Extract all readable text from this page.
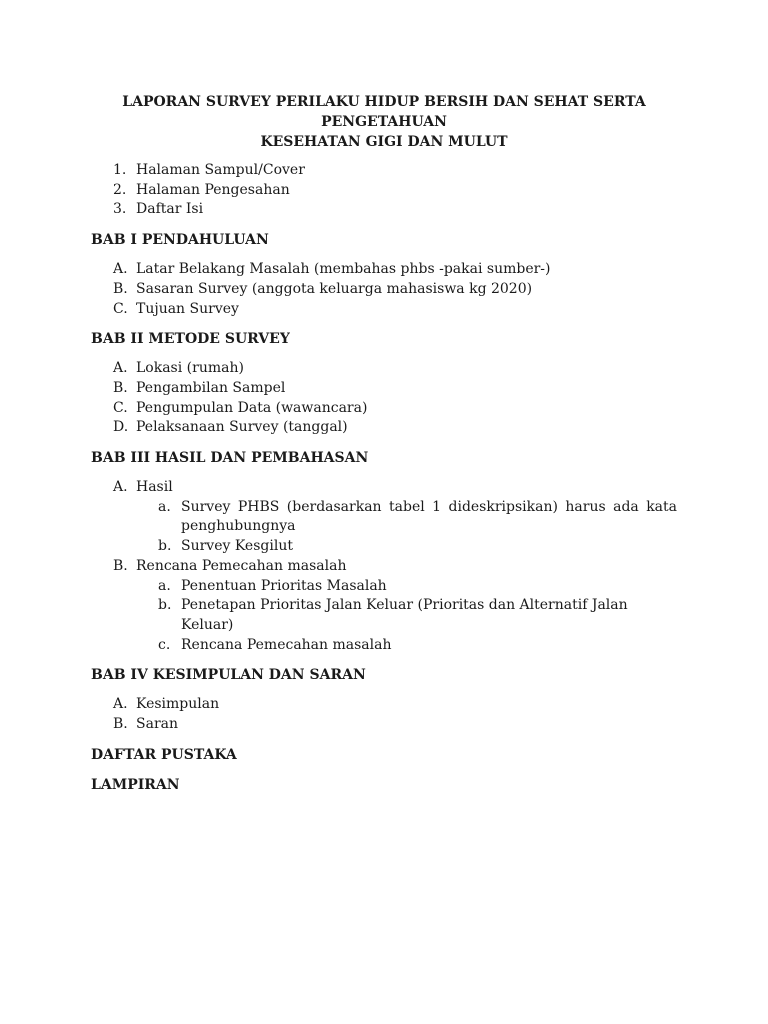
LAPORAN SURVEY PERILAKU HIDUP BERSIH DAN SEHAT SERTA PENGETAHUAN
KESEHATAN GIGI DAN MULUT
1. Halaman Sampul/Cover
2. Halaman Pengesahan
3. Daftar Isi
BAB I PENDAHULUAN
A. Latar Belakang Masalah (membahas phbs -pakai sumber-)
B. Sasaran Survey (anggota keluarga mahasiswa kg 2020)
C. Tujuan Survey
BAB II METODE SURVEY
A. Lokasi (rumah)
B. Pengambilan Sampel
C. Pengumpulan Data (wawancara)
D. Pelaksanaan Survey (tanggal)
BAB III HASIL DAN PEMBAHASAN
A. Hasil
a. Survey PHBS (berdasarkan tabel 1 dideskripsikan) harus ada kata penghubungnya
b. Survey Kesgilut
B. Rencana Pemecahan masalah
a. Penentuan Prioritas Masalah
b. Penetapan Prioritas Jalan Keluar (Prioritas dan Alternatif Jalan Keluar)
c. Rencana Pemecahan masalah
BAB IV KESIMPULAN DAN SARAN
A. Kesimpulan
B. Saran
DAFTAR PUSTAKA
LAMPIRAN
